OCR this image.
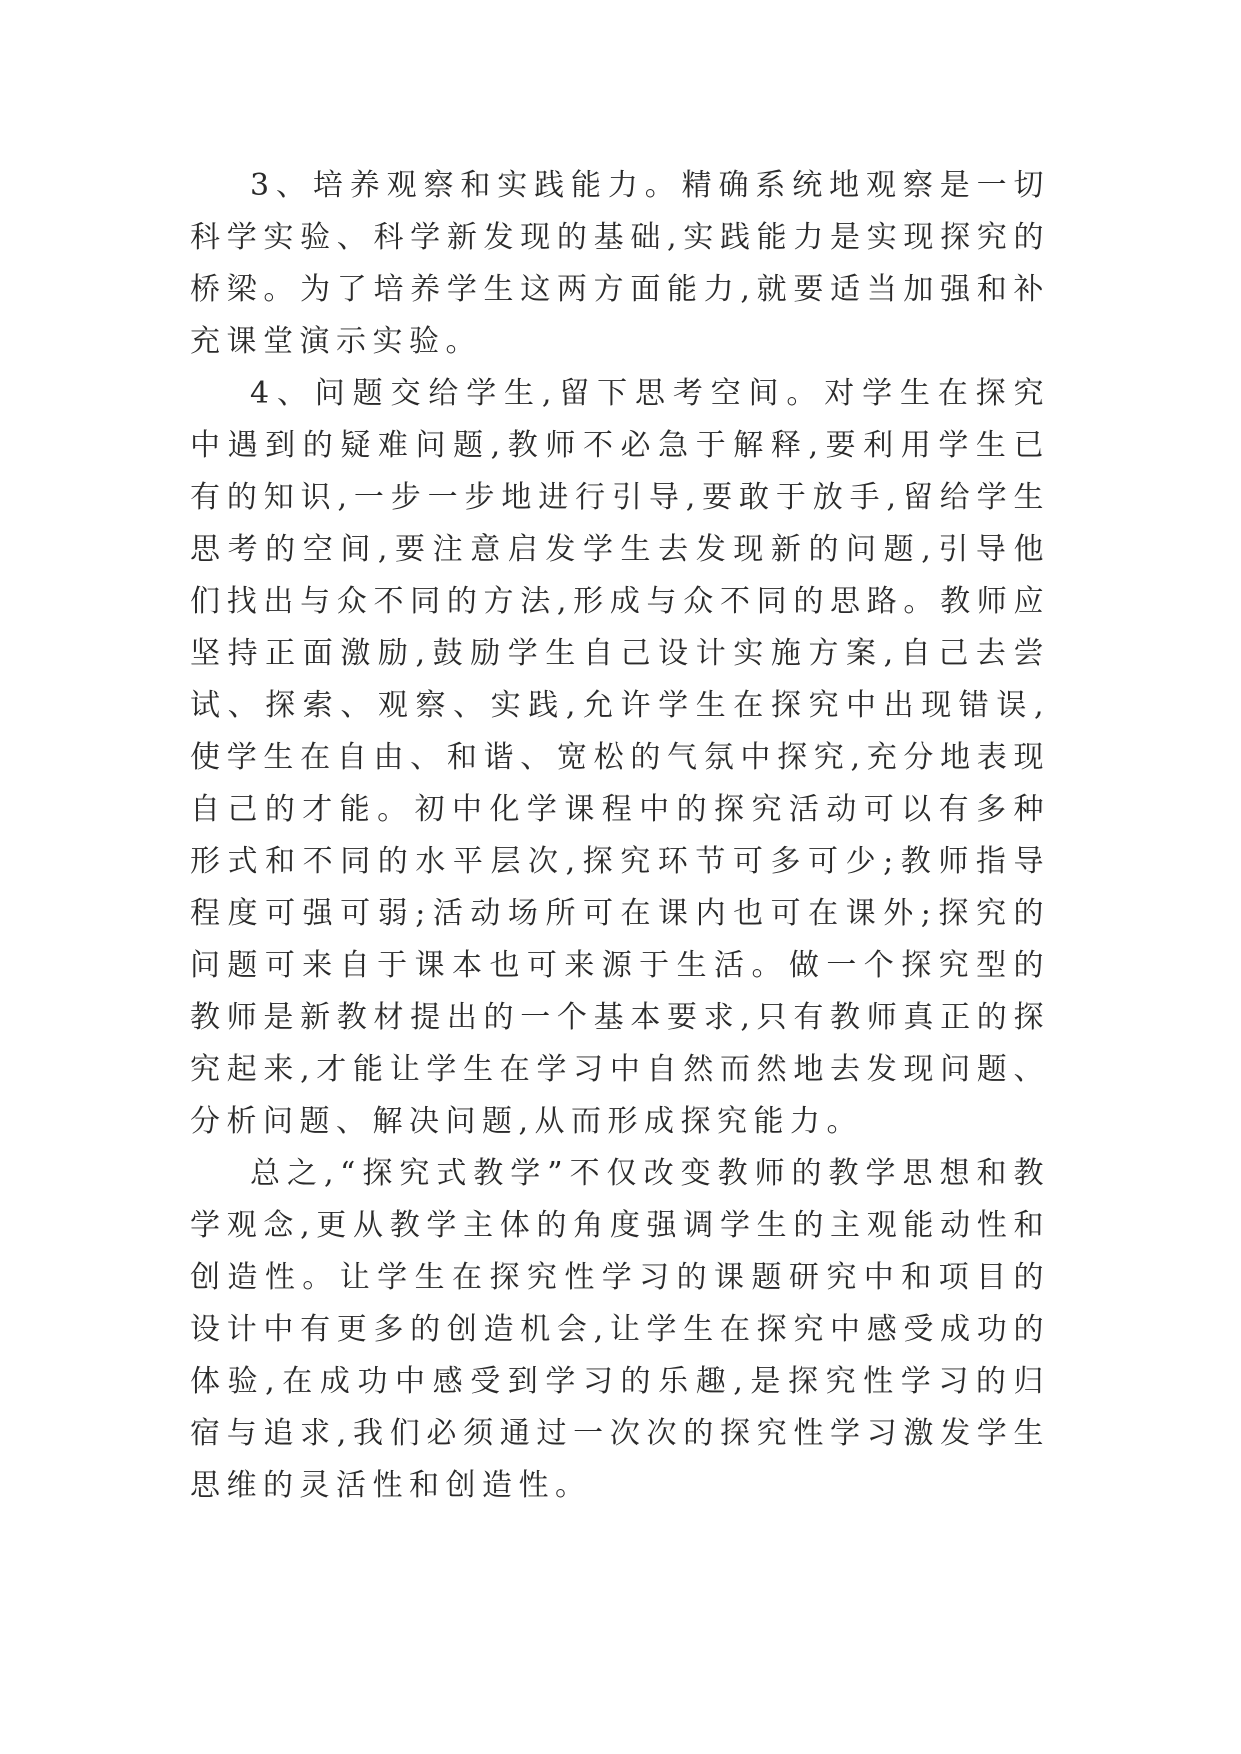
3、培养观察和实践能力。精确系统地观察是一切科学实验、科学新发现的基础,实践能力是实现探究的桥梁。为了培养学生这两方面能力,就要适当加强和补充课堂演示实验。

4、问题交给学生,留下思考空间。对学生在探究中遇到的疑难问题,教师不必急于解释,要利用学生已有的知识,一步一步地进行引导,要敢于放手,留给学生思考的空间,要注意启发学生去发现新的问题,引导他们找出与众不同的方法,形成与众不同的思路。教师应坚持正面激励,鼓励学生自己设计实施方案,自己去尝试、探索、观察、实践,允许学生在探究中出现错误,使学生在自由、和谐、宽松的气氛中探究,充分地表现自己的才能。初中化学课程中的探究活动可以有多种形式和不同的水平层次,探究环节可多可少;教师指导程度可强可弱;活动场所可在课内也可在课外;探究的问题可来自于课本也可来源于生活。做一个探究型的教师是新教材提出的一个基本要求,只有教师真正的探究起来,才能让学生在学习中自然而然地去发现问题、分析问题、解决问题,从而形成探究能力。

总之,“探究式教学”不仅改变教师的教学思想和教学观念,更从教学主体的角度强调学生的主观能动性和创造性。让学生在探究性学习的课题研究中和项目的设计中有更多的创造机会,让学生在探究中感受成功的体验,在成功中感受到学习的乐趣,是探究性学习的归宿与追求,我们必须通过一次次的探究性学习激发学生思维的灵活性和创造性。
